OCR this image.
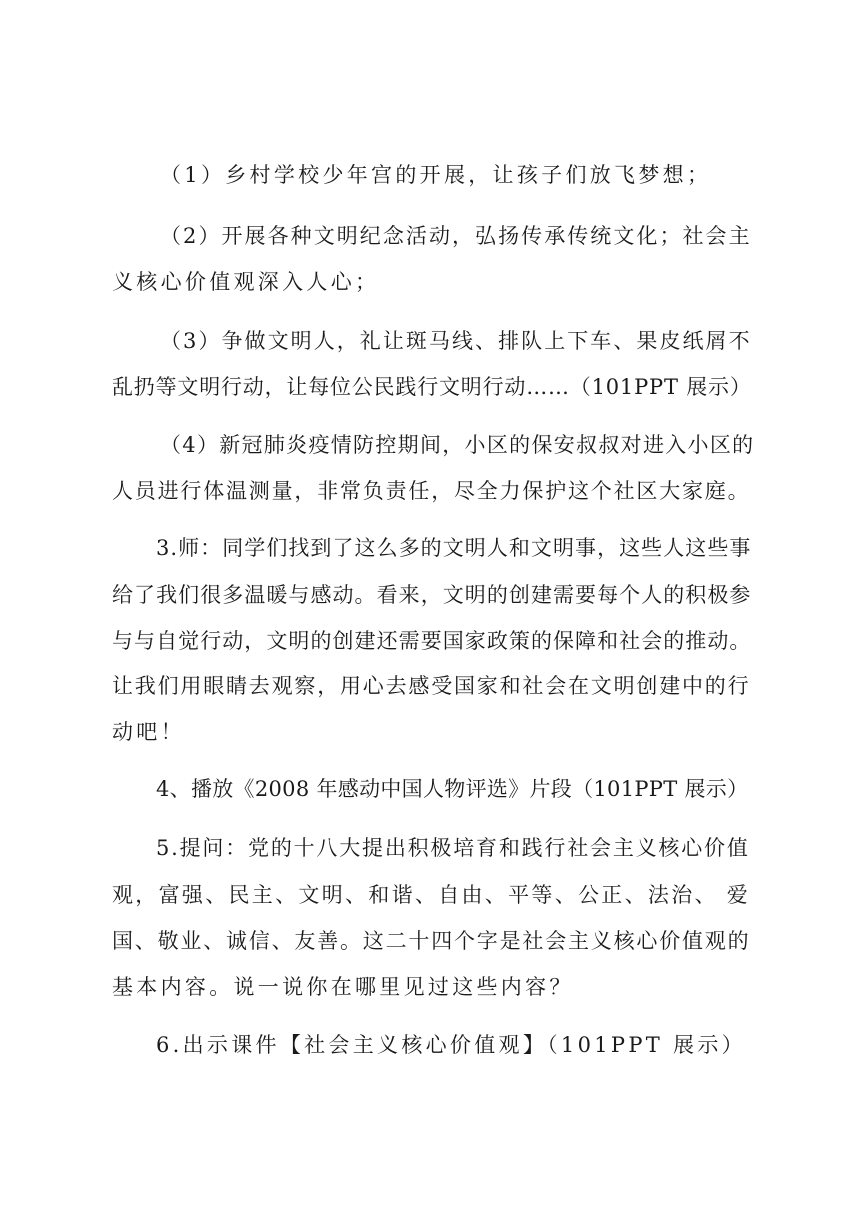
（1）乡村学校少年宫的开展，让孩子们放飞梦想；
（2）开展各种文明纪念活动，弘扬传承传统文化；社会主
义核心价值观深入人心；
（3）争做文明人，礼让斑马线、排队上下车、果皮纸屑不
乱扔等文明行动，让每位公民践行文明行动……（101PPT 展示）
（4）新冠肺炎疫情防控期间，小区的保安叔叔对进入小区的
人员进行体温测量，非常负责任，尽全力保护这个社区大家庭。
3.师：同学们找到了这么多的文明人和文明事，这些人这些事
给了我们很多温暖与感动。看来，文明的创建需要每个人的积极参
与与自觉行动，文明的创建还需要国家政策的保障和社会的推动。
让我们用眼睛去观察，用心去感受国家和社会在文明创建中的行
动吧！
4、播放《2008 年感动中国人物评选》片段（101PPT 展示）
5.提问：党的十八大提出积极培育和践行社会主义核心价值
观，富强、民主、文明、和谐、自由、平等、公正、法治、 爱
国、敬业、诚信、友善。这二十四个字是社会主义核心价值观的
基本内容。说一说你在哪里见过这些内容？
6.出示课件【社会主义核心价值观】（101PPT 展示）
